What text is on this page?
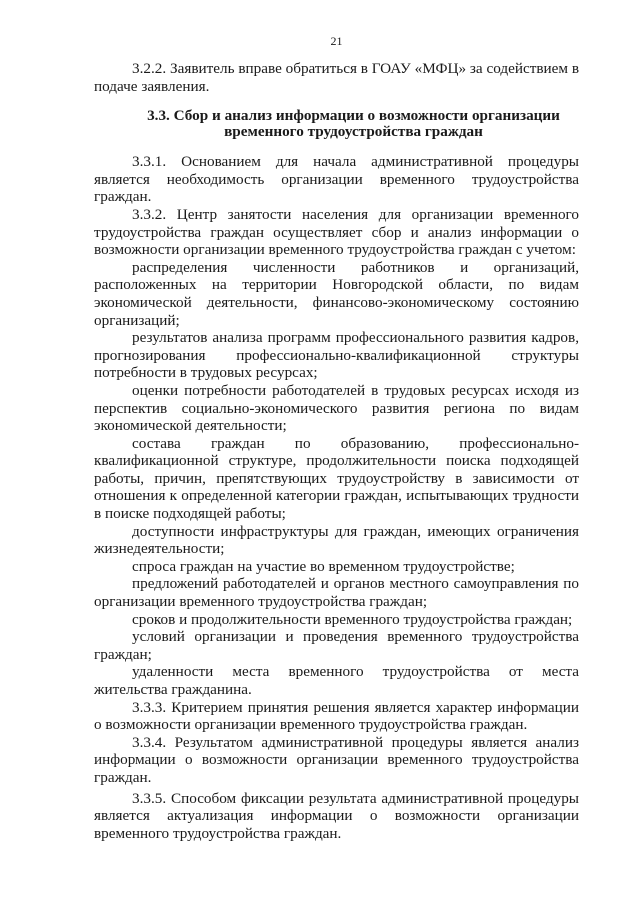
21

3.2.2. Заявитель вправе обратиться в ГОАУ «МФЦ» за содействием в подаче заявления.

3.3. Сбор и анализ информации о возможности организации временного трудоустройства граждан

3.3.1. Основанием для начала административной процедуры является необходимость организации временного трудоустройства граждан.

3.3.2. Центр занятости населения для организации временного трудоустройства граждан осуществляет сбор и анализ информации о возможности организации временного трудоустройства граждан с учетом:

распределения численности работников и организаций, расположенных на территории Новгородской области, по видам экономической деятельности, финансово-экономическому состоянию организаций;

результатов анализа программ профессионального развития кадров, прогнозирования профессионально-квалификационной структуры потребности в трудовых ресурсах;

оценки потребности работодателей в трудовых ресурсах исходя из перспектив социально-экономического развития региона по видам экономической деятельности;

состава граждан по образованию, профессионально-квалификационной структуре, продолжительности поиска подходящей работы, причин, препятствующих трудоустройству в зависимости от отношения к определенной категории граждан, испытывающих трудности в поиске подходящей работы;

доступности инфраструктуры для граждан, имеющих ограничения жизнедеятельности;

спроса граждан на участие во временном трудоустройстве;

предложений работодателей и органов местного самоуправления по организации временного трудоустройства граждан;

сроков и продолжительности временного трудоустройства граждан;

условий организации и проведения временного трудоустройства граждан;

удаленности места временного трудоустройства от места жительства гражданина.

3.3.3. Критерием принятия решения является характер информации о возможности организации временного трудоустройства граждан.

3.3.4. Результатом административной процедуры является анализ информации о возможности организации временного трудоустройства граждан.

3.3.5. Способом фиксации результата административной процедуры является актуализация информации о возможности организации временного трудоустройства граждан.
